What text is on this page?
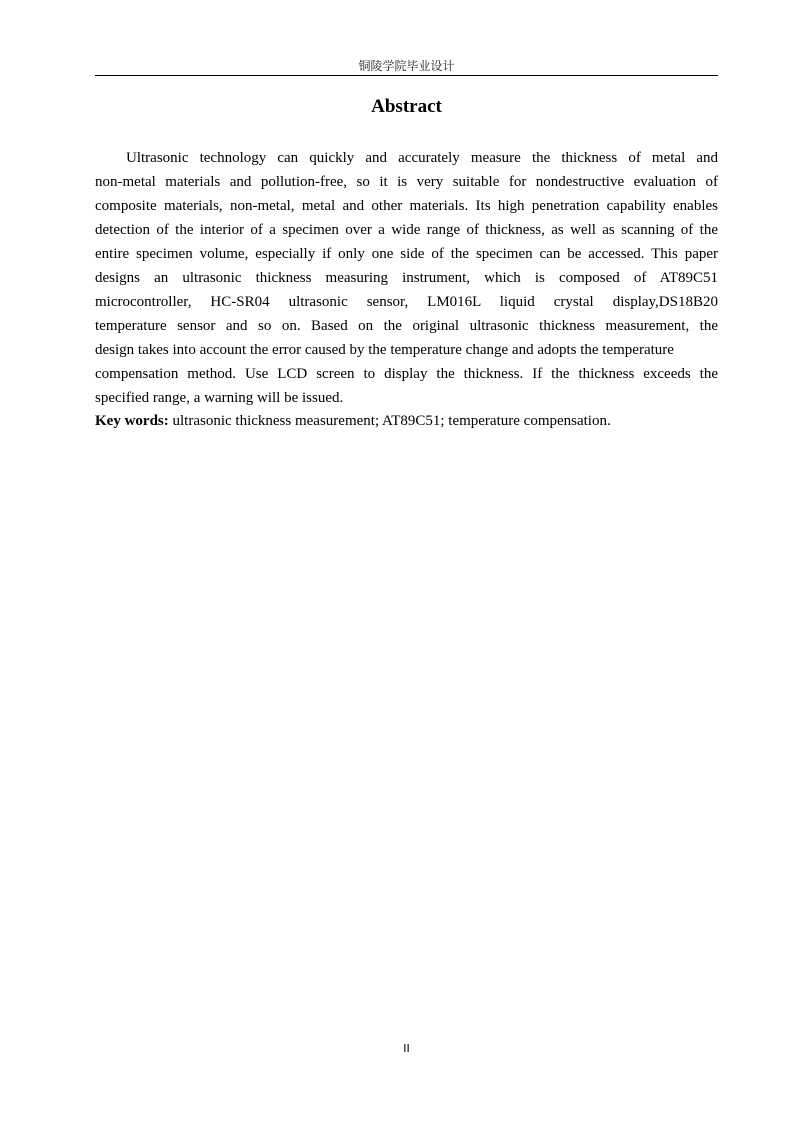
铜陵学院毕业设计
Abstract
Ultrasonic technology can quickly and accurately measure the thickness of metal and
non-metal materials and pollution-free, so it is very suitable for nondestructive evaluation of
composite materials, non-metal, metal and other materials. Its high penetration capability enables
detection of the interior of a specimen over a wide range of thickness, as well as scanning of the
entire specimen volume, especially if only one side of the specimen can be accessed. This paper
designs an ultrasonic thickness measuring instrument, which is composed of AT89C51
microcontroller, HC-SR04 ultrasonic sensor, LM016L liquid crystal display,DS18B20
temperature sensor and so on. Based on the original ultrasonic thickness measurement, the
design takes into account the error caused by the temperature change and adopts the temperature
compensation method. Use LCD screen to display the thickness. If the thickness exceeds the
specified range, a warning will be issued.
Key words: ultrasonic thickness measurement; AT89C51; temperature compensation.
II
